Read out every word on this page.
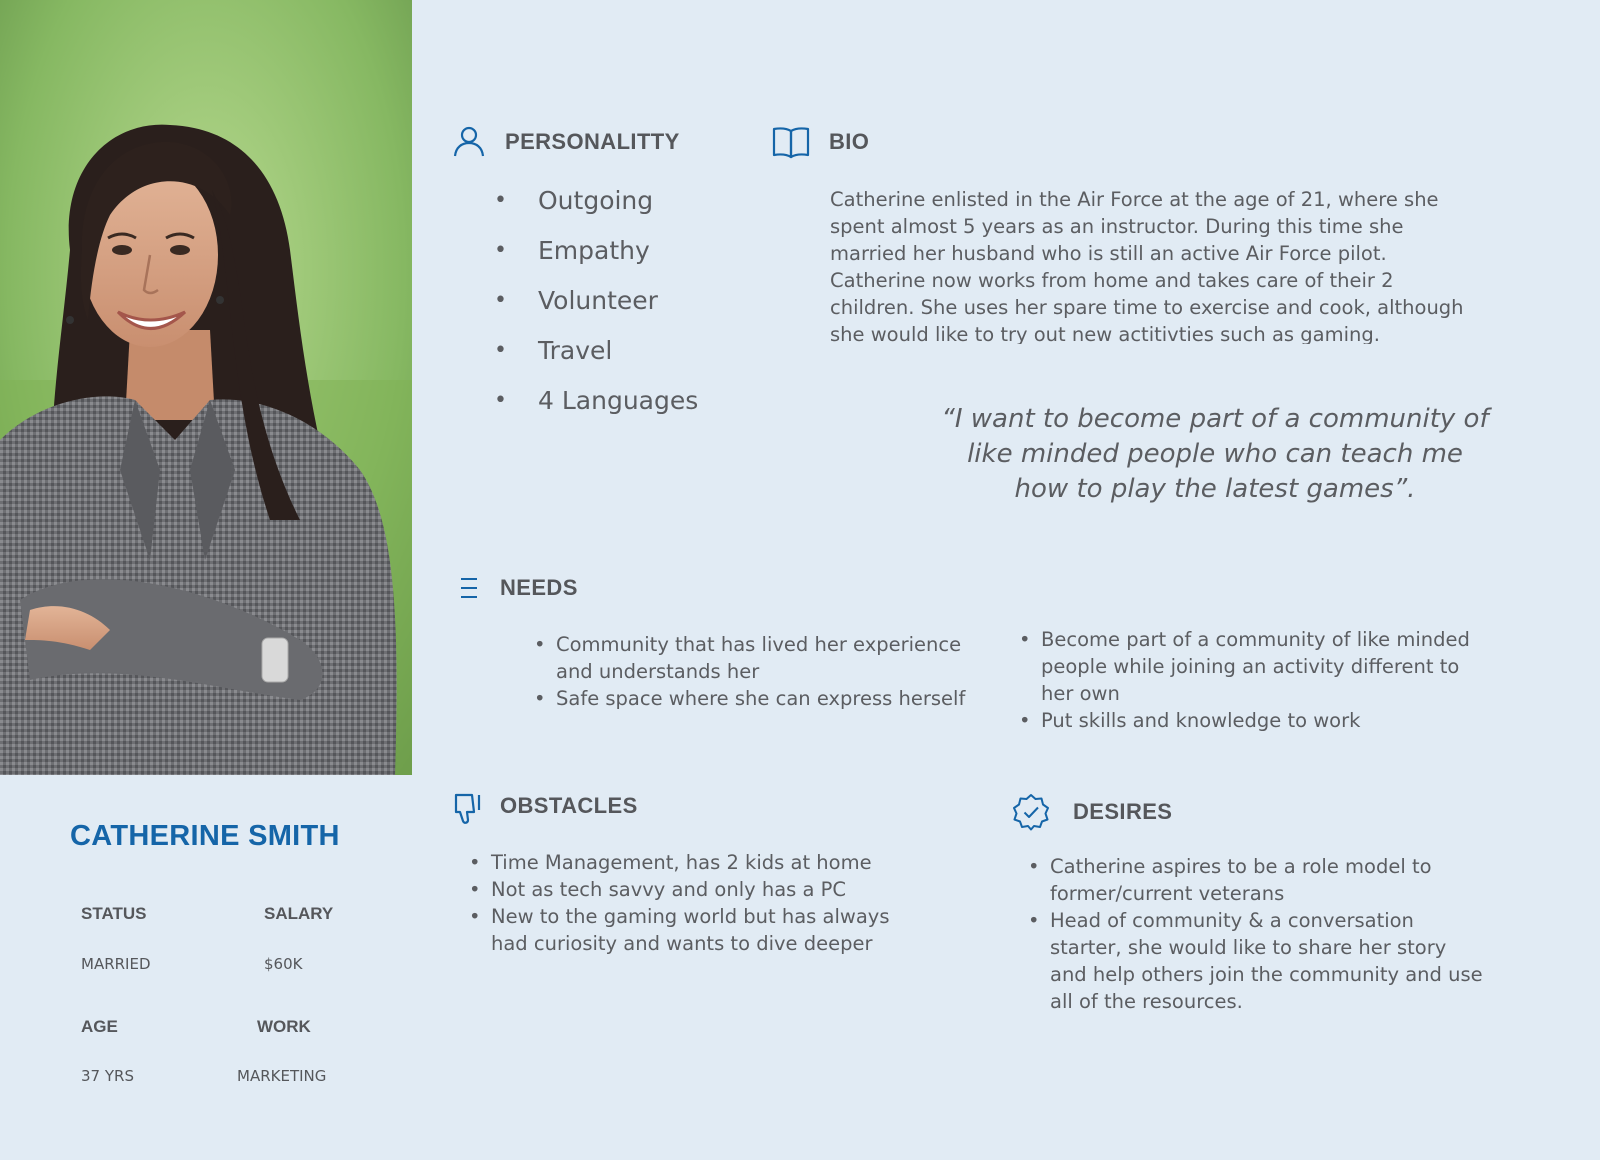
CATHERINE SMITH
STATUS	SALARY
MARRIED	$60K
AGE	WORK
37 YRS	MARKETING
PERSONALITTY
• Outgoing
• Empathy
• Volunteer
• Travel
• 4 Languages
BIO
Catherine enlisted in the Air Force at the age of 21, where she spent almost 5 years as an instructor. During this time she married her husband who is still an active Air Force pilot. Catherine now works from home and takes care of their 2 children. She uses her spare time to exercise and cook, although she would like to try out new actitivties such as gaming.
“I want to become part of a community of like minded people who can teach me how to play the latest games”.
NEEDS
• Community that has lived her experience and understands her
• Safe space where she can express herself
• Become part of a community of like minded people while joining an activity different to her own
• Put skills and knowledge to work
OBSTACLES
• Time Management, has 2 kids at home
• Not as tech savvy and only has a PC
• New to the gaming world but has always had curiosity and wants to dive deeper
DESIRES
• Catherine aspires to be a role model to former/current veterans
• Head of community & a conversation starter, she would like to share her story and help others join the community and use all of the resources.
